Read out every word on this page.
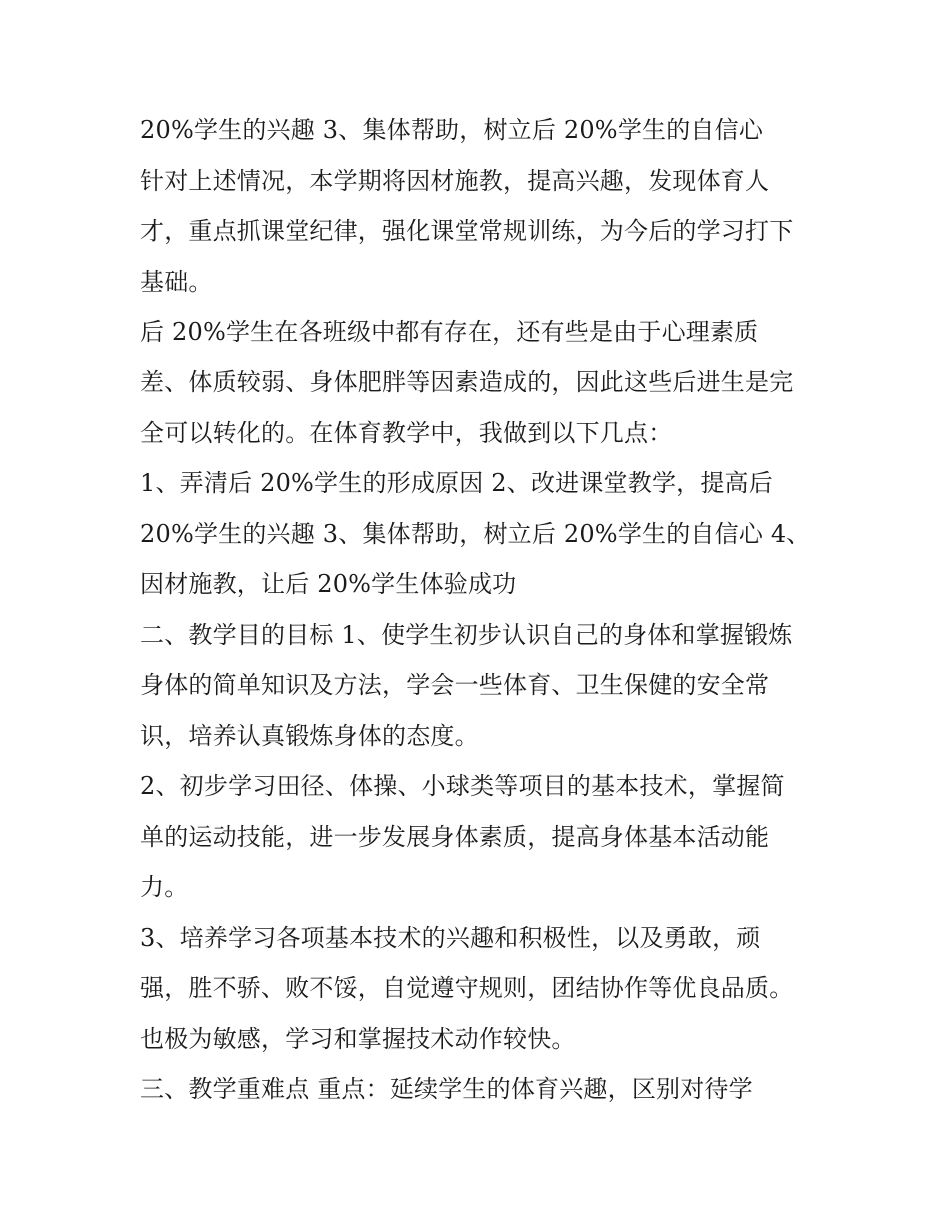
20%学生的兴趣 3、集体帮助，树立后 20%学生的自信心
针对上述情况，本学期将因材施教，提高兴趣，发现体育人
才，重点抓课堂纪律，强化课堂常规训练，为今后的学习打下
基础。
后 20%学生在各班级中都有存在，还有些是由于心理素质
差、体质较弱、身体肥胖等因素造成的，因此这些后进生是完
全可以转化的。在体育教学中，我做到以下几点：
1、弄清后 20%学生的形成原因 2、改进课堂教学，提高后
20%学生的兴趣 3、集体帮助，树立后 20%学生的自信心 4、
因材施教，让后 20%学生体验成功
二、教学目的目标 1、使学生初步认识自己的身体和掌握锻炼
身体的简单知识及方法，学会一些体育、卫生保健的安全常
识，培养认真锻炼身体的态度。
2、初步学习田径、体操、小球类等项目的基本技术，掌握简
单的运动技能，进一步发展身体素质，提高身体基本活动能
力。
3、培养学习各项基本技术的兴趣和积极性，以及勇敢，顽
强，胜不骄、败不馁，自觉遵守规则，团结协作等优良品质。
也极为敏感，学习和掌握技术动作较快。
三、教学重难点 重点：延续学生的体育兴趣，区别对待学
